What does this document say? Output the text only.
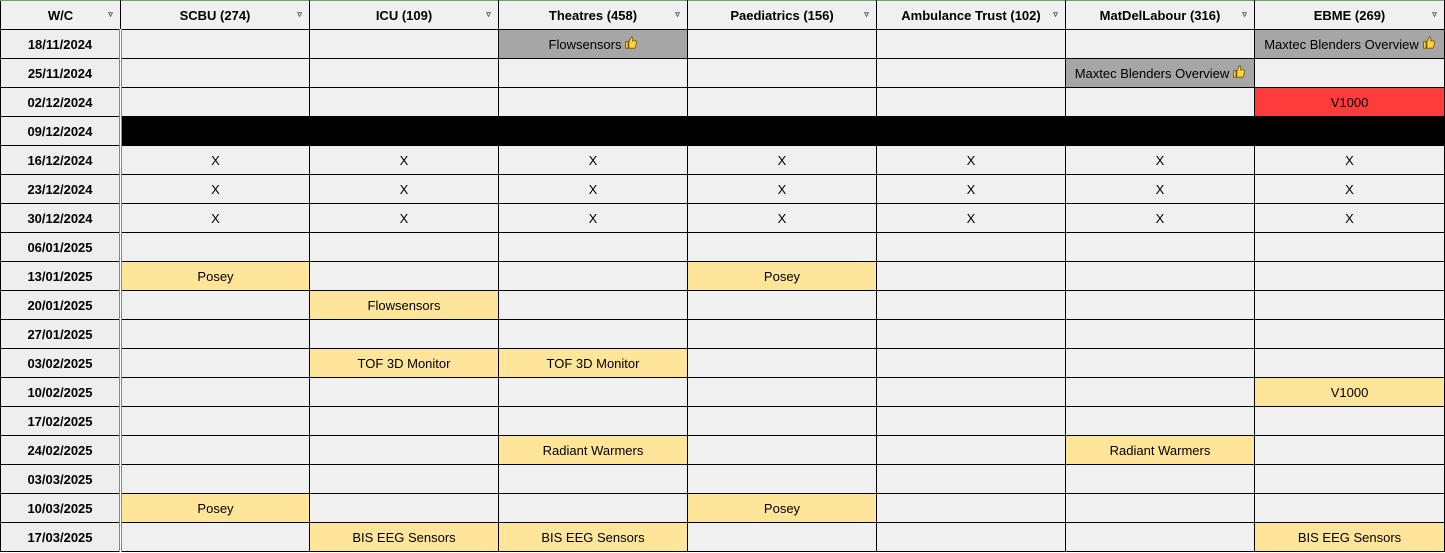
W/C ▿	SCBU (274) ▿	ICU (109) ▿	Theatres (458) ▿	Paediatrics (156) ▿	Ambulance Trust (102) ▿	MatDelLabour (316) ▿	EBME (269) ▿

18/11/2024			Flowsensors				Maxtec Blenders Overview
25/11/2024						Maxtec Blenders Overview	
02/12/2024							V1000
09/12/2024	Annual Leave						
16/12/2024	X	X	X	X	X	X	X
23/12/2024	X	X	X	X	X	X	X
30/12/2024	X	X	X	X	X	X	X
06/01/2025							
13/01/2025	Posey			Posey			
20/01/2025		Flowsensors					
27/01/2025							
03/02/2025		TOF 3D Monitor	TOF 3D Monitor				
10/02/2025							V1000
17/02/2025							
24/02/2025			Radiant Warmers			Radiant Warmers	
03/03/2025							
10/03/2025	Posey			Posey			
17/03/2025		BIS EEG Sensors	BIS EEG Sensors				BIS EEG Sensors
